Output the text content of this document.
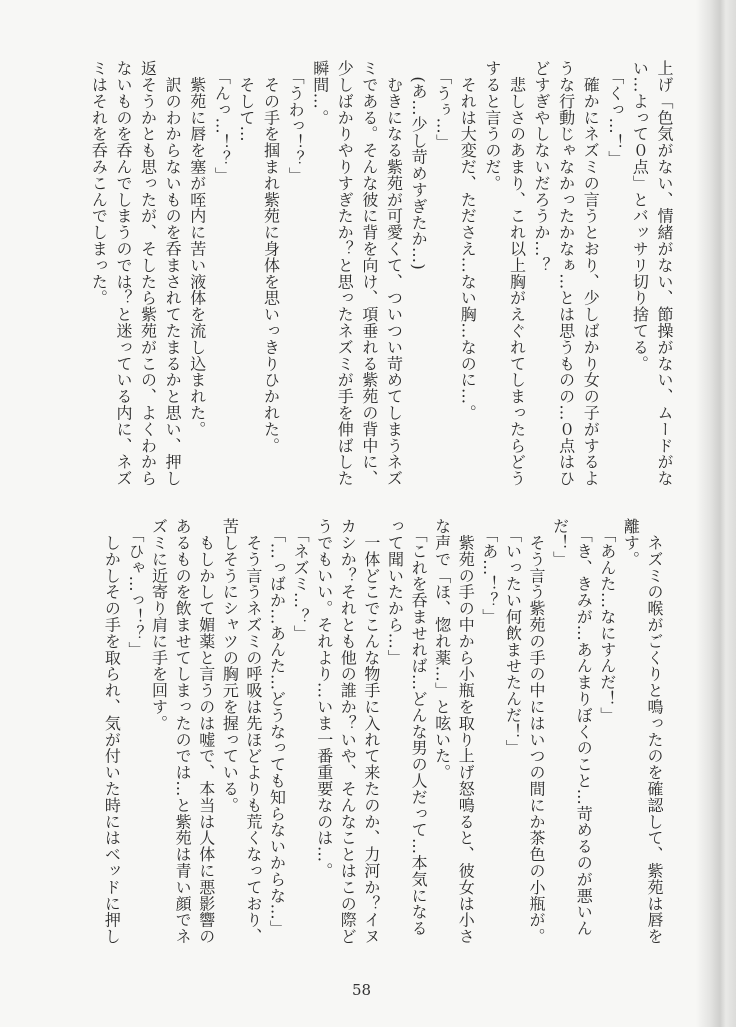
上げ「色気がない、情緒がない、節操がない、ムードがな
い…よって０点」とバッサリ切り捨てる。
　「くっ…！」
　確かにネズミの言うとおり、少しばかり女の子がするよ
うな行動じゃなかったかなぁ…とは思うものの…０点はひ
どすぎやしないだろうか…？
　悲しさのあまり、これ以上胸がえぐれてしまったらどう
すると言うのだ。
　それは大変だ、たださえ…ない胸…なのに…。
　「うぅ…」
　(あ…少し苛めすぎたか…)
　むきになる紫苑が可愛くて、ついつい苛めてしまうネズ
ミである。そんな彼に背を向け、項垂れる紫苑の背中に、
少しばかりやりすぎたか？と思ったネズミが手を伸ばした
瞬間…。
　「うわっ！？」
　その手を掴まれ紫苑に身体を思いっきりひかれた。
　そして…
　「んっ…！？」
　紫苑に唇を塞が咥内に苦い液体を流し込まれた。
　訳のわからないものを呑まされてたまるかと思い、押し
返そうかとも思ったが、そしたら紫苑がこの、よくわから
ないものを呑んでしまうのでは？と迷っている内に、ネズ
ミはそれを呑みこんでしまった。
　ネズミの喉がごくりと鳴ったのを確認して、紫苑は唇を
離す。
　「あんた…なにすんだ！」
　「き、きみが…あんまりぼくのこと…苛めるのが悪いん
だ！」
　そう言う紫苑の手の中にはいつの間にか茶色の小瓶が。
　「いったい何飲ませたんだ！」
　「あ…！？」
　紫苑の手の中から小瓶を取り上げ怒鳴ると、彼女は小さ
な声で「ほ、惚れ薬…」と呟いた。
　「これを呑ませれば…どんな男の人だって…本気になる
って聞いたから…」
　一体どこでこんな物手に入れて来たのか、力河か？イヌ
カシか？それとも他の誰か？いや、そんなことはこの際ど
うでもいい。それより…いま一番重要なのは…。
　「ネズミ…？」
　「…っばか…あんた…どうなっても知らないからな…」
　そう言うネズミの呼吸は先ほどよりも荒くなっており、
苦しそうにシャツの胸元を握っている。
　もしかして媚薬と言うのは嘘で、本当は人体に悪影響の
あるものを飲ませてしまったのでは…と紫苑は青い顔でネ
ズミに近寄り肩に手を回す。
　「ひゃ…っ！？」
　しかしその手を取られ、気が付いた時にはベッドに押し
58
